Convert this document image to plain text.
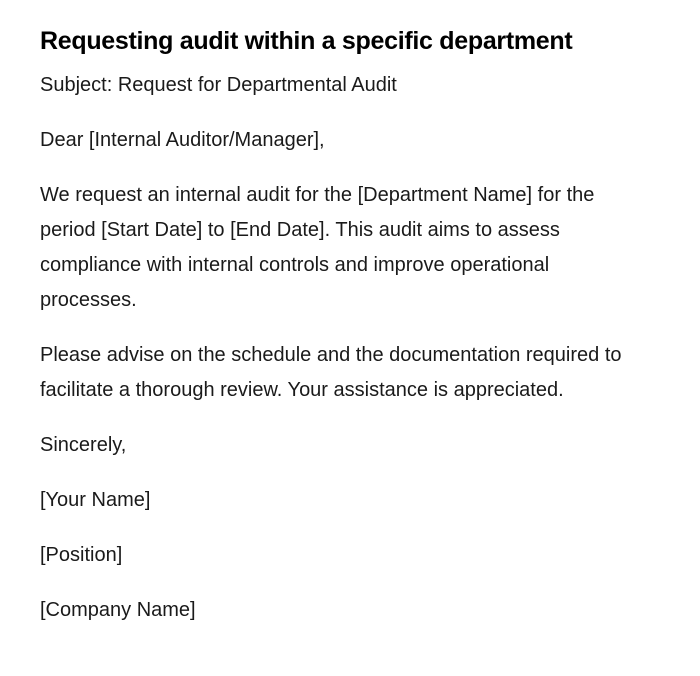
Requesting audit within a specific department

Subject: Request for Departmental Audit

Dear [Internal Auditor/Manager],

We request an internal audit for the [Department Name] for the period [Start Date] to [End Date]. This audit aims to assess compliance with internal controls and improve operational processes.

Please advise on the schedule and the documentation required to facilitate a thorough review. Your assistance is appreciated.

Sincerely,

[Your Name]

[Position]

[Company Name]
